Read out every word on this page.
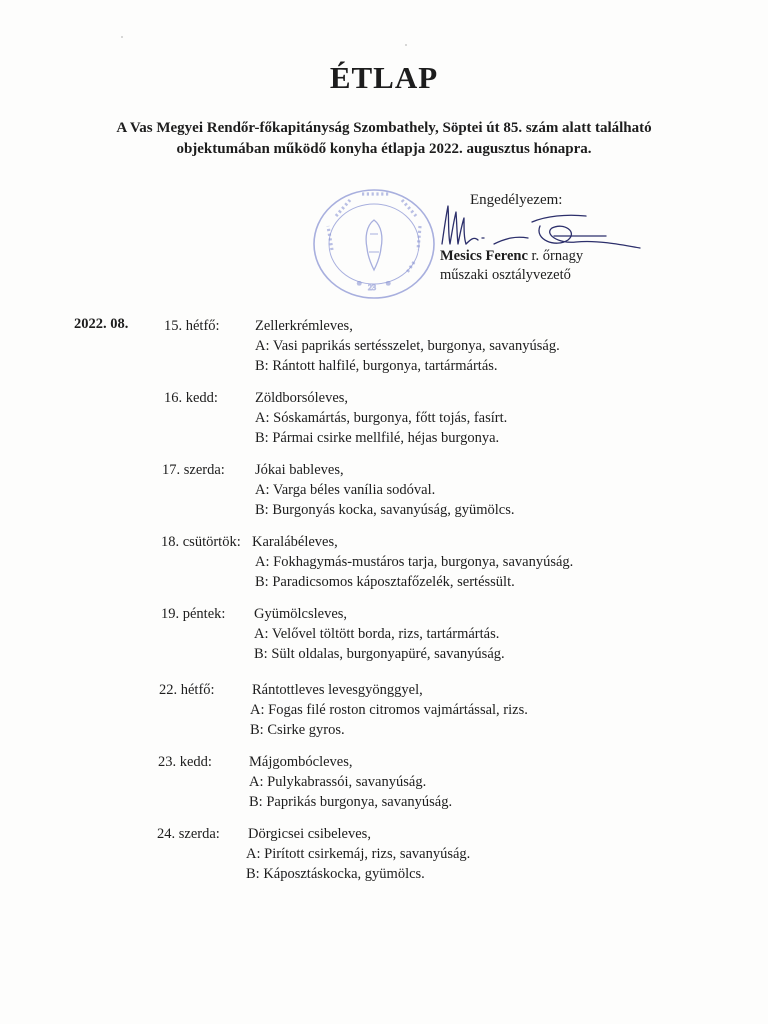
ÉTLAP
A Vas Megyei Rendőr-főkapitányság Szombathely, Söptei út 85. szám alatt található
objektumában működő konyha étlapja 2022. augusztus hónapra.
* 23 *
Engedélyezem:
Mesics Ferenc r. őrnagy
műszaki osztályvezető
2022. 08. 15. hétfő: Zellerkrémleves,
A: Vasi paprikás sertésszelet, burgonya, savanyúság.
B: Rántott halfilé, burgonya, tartármártás.
16. kedd:	Zöldborsóleves,
A: Sóskamártás, burgonya, főtt tojás, fasírt.
B: Pármai csirke mellfilé, héjas burgonya.
17. szerda: Jókai bableves,
A: Varga béles vanília sodóval.
B: Burgonyás kocka, savanyúság, gyümölcs.
18. csütörtök: Karalábéleves,
A: Fokhagymás-mustáros tarja, burgonya, savanyúság.
B: Paradicsomos káposztafőzelék, sertéssült.
19. péntek: Gyümölcsleves,
A: Velővel töltött borda, rizs, tartármártás.
B: Sült oldalas, burgonyapüré, savanyúság.
22. hétfő:	Rántottleves levesgyönggyel,
A: Fogas filé roston citromos vajmártással, rizs.
B: Csirke gyros.
23. kedd:	Májgombócleves,
A: Pulykabrassói, savanyúság.
B: Paprikás burgonya, savanyúság.
24. szerda: Dörgicsei csibeleves,
A: Pirított csirkemáj, rizs, savanyúság.
B: Káposztáskocka, gyümölcs.
